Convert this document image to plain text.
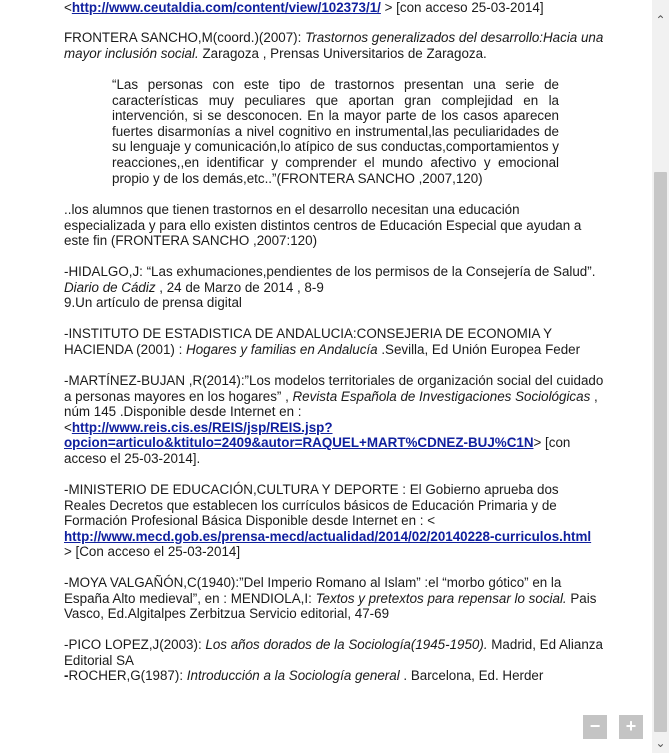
<http://www.ceutaldia.com/content/view/102373/1/ > [con acceso 25-03-2014]

FRONTERA SANCHO,M(coord.)(2007): Trastornos generalizados del desarrollo:Hacia una mayor inclusión social. Zaragoza , Prensas Universitarios de Zaragoza.

“Las personas con este tipo de trastornos presentan una serie de características muy peculiares que aportan gran complejidad en la intervención, si se desconocen. En la mayor parte de los casos aparecen fuertes disarmonías a nivel cognitivo en instrumental,las peculiaridades de su lenguaje y comunicación,lo atípico de sus conductas,comportamientos y reacciones,,en identificar y comprender el mundo afectivo y emocional propio y de los demás,etc..”(FRONTERA SANCHO ,2007,120)

..los alumnos que tienen trastornos en el desarrollo necesitan una educación especializada y para ello existen distintos centros de Educación Especial que ayudan a este fin (FRONTERA SANCHO ,2007:120)

-HIDALGO,J: “Las exhumaciones,pendientes de los permisos de la Consejería de Salud”.
Diario de Cádiz , 24 de Marzo de 2014 , 8-9
9.Un artículo de prensa digital

-INSTITUTO DE ESTADISTICA DE ANDALUCIA:CONSEJERIA DE ECONOMIA Y HACIENDA (2001) : Hogares y familias en Andalucía .Sevilla, Ed Unión Europea Feder

-MARTÍNEZ-BUJAN ,R(2014):”Los modelos territoriales de organización social del cuidado a personas mayores en los hogares” , Revista Española de Investigaciones Sociológicas , núm 145 .Disponible desde Internet en :
<http://www.reis.cis.es/REIS/jsp/REIS.jsp?
opcion=articulo&ktitulo=2409&autor=RAQUEL+MART%CDNEZ-BUJ%C1N> [con acceso el 25-03-2014].

-MINISTERIO DE EDUCACIÓN,CULTURA Y DEPORTE : El Gobierno aprueba dos Reales Decretos que establecen los currículos básicos de Educación Primaria y de Formación Profesional Básica Disponible desde Internet en : <
http://www.mecd.gob.es/prensa-mecd/actualidad/2014/02/20140228-curriculos.html
> [Con acceso el 25-03-2014]

-MOYA VALGAÑÓN,C(1940):”Del Imperio Romano al Islam” :el “morbo gótico” en la España Alto medieval”, en : MENDIOLA,I: Textos y pretextos para repensar lo social. Pais Vasco, Ed.Algitalpes Zerbitzua Servicio editorial, 47-69

-PICO LOPEZ,J(2003): Los años dorados de la Sociología(1945-1950). Madrid, Ed Alianza Editorial SA

-ROCHER,G(1987): Introducción a la Sociología general . Barcelona, Ed. Herder

⌃
⌄
−	+
